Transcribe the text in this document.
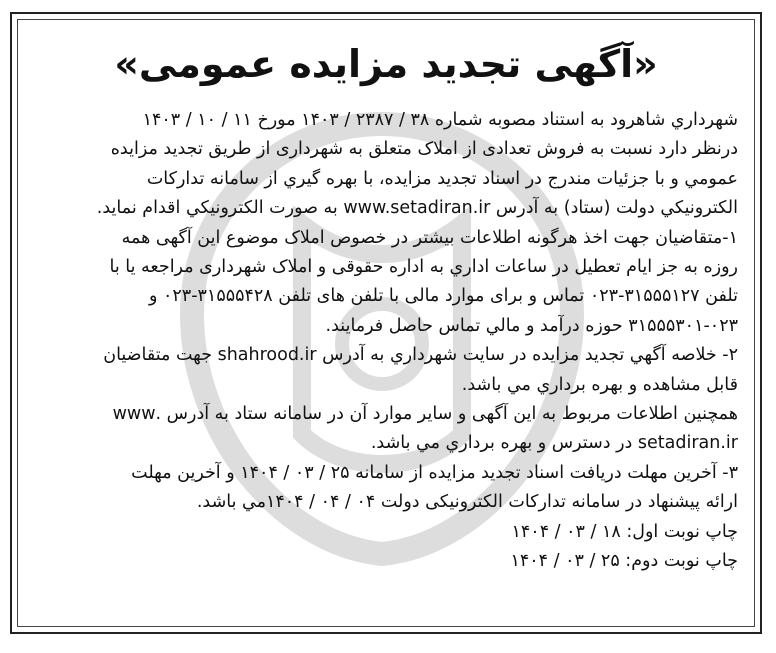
«آگهی تجدید مزایده عمومی»
شهرداري شاهرود به استناد مصوبه شماره ۳۸ / ۲۳۸۷ / ۱۴۰۳ مورخ ۱۱ / ۱۰ / ۱۴۰۳
درنظر دارد نسبت به فروش تعدادی از املاک متعلق به شهرداری از طریق تجدید مزایده
عمومي و با جزئيات مندرج در اسناد تجدید مزايده، با بهره گيري از سامانه تداركات
الكترونيكي دولت (ستاد) به آدرس www.setadiran.ir به صورت الكترونيكي اقدام نمايد.
۱-متقاضيان جهت اخذ هرگونه اطلاعات بیشتر در خصوص املاک موضوع اين آگهی همه
روزه به جز ایام تعطیل در ساعات اداري به اداره حقوقی و املاک شهرداری مراجعه يا با
تلفن ۳۱۵۵۵۱۲۷-۰۲۳ تماس و برای موارد مالی با تلفن های تلفن ۳۱۵۵۵۴۲۸-۰۲۳ و
۳۱۵۵۵۳۰۱-۰۲۳ حوزه درآمد و مالي تماس حاصل فرمايند.
۲- خلاصه آگهي تجديد مزايده در سايت شهرداري به آدرس shahrood.ir جهت متقاضيان
قابل مشاهده و بهره برداري مي باشد.
همچنين اطلاعات مربوط به اين آگهی و ساير موارد آن در سامانه ستاد به آدرس .www
setadiran.ir در دسترس و بهره برداري مي باشد.
۳- آخرین مهلت دریافت اسناد تجدید مزایده از سامانه ۲۵ / ۰۳ / ۱۴۰۴ و آخرین مهلت
ارائه پیشنهاد در سامانه تدارکات الکترونیکی دولت ۰۴ / ۰۴ / ۱۴۰۴مي باشد.
چاپ نوبت اول: ۱۸ / ۰۳ / ۱۴۰۴
چاپ نوبت دوم: ۲۵ / ۰۳ / ۱۴۰۴
